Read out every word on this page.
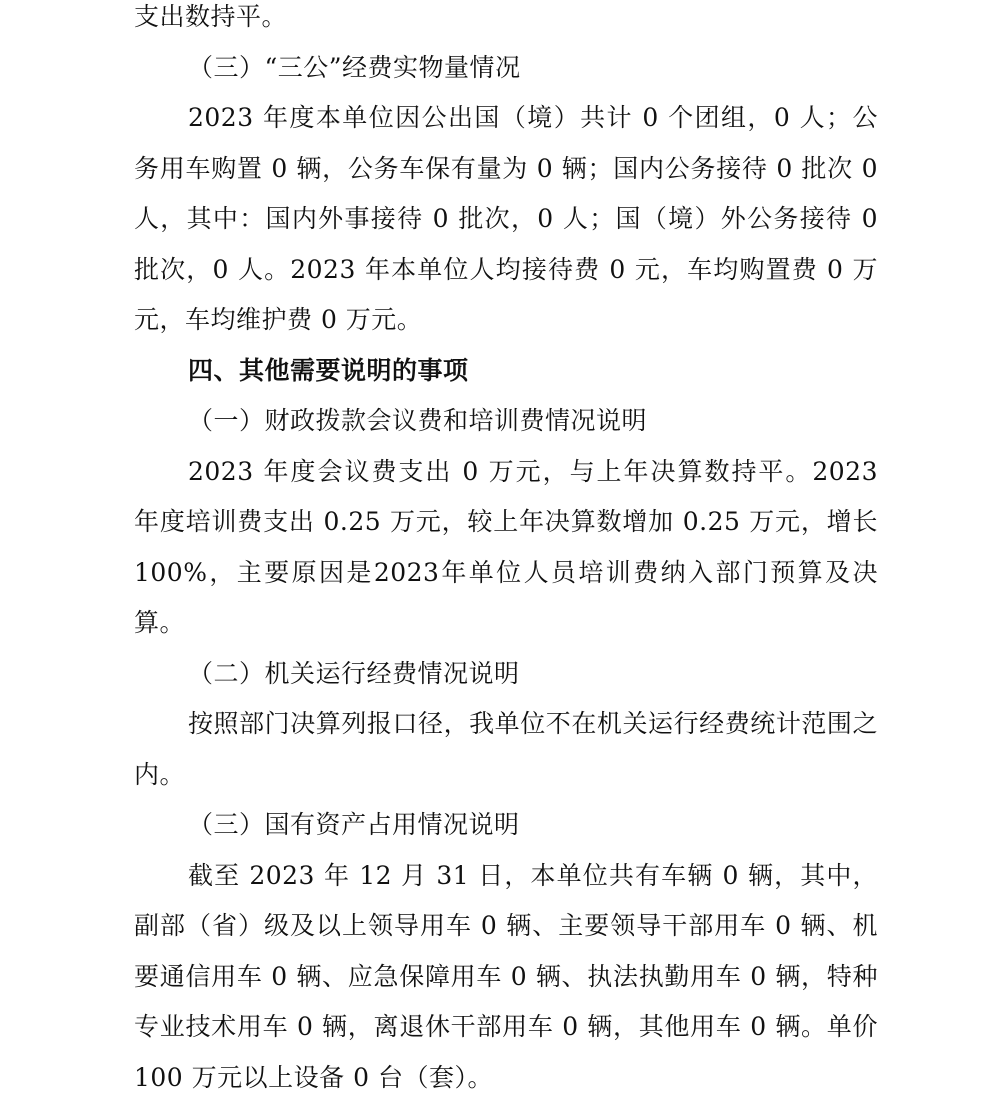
支出数持平。

（三）“三公”经费实物量情况

2023 年度本单位因公出国（境）共计 0 个团组，0 人；公务用车购置 0 辆，公务车保有量为 0 辆；国内公务接待 0 批次 0 人，其中：国内外事接待 0 批次，0 人；国（境）外公务接待 0 批次，0 人。2023 年本单位人均接待费 0 元，车均购置费 0 万元，车均维护费 0 万元。

四、其他需要说明的事项

（一）财政拨款会议费和培训费情况说明

2023 年度会议费支出 0 万元，与上年决算数持平。2023 年度培训费支出 0.25 万元，较上年决算数增加 0.25 万元，增长100%，主要原因是2023年单位人员培训费纳入部门预算及决算。

（二）机关运行经费情况说明

按照部门决算列报口径，我单位不在机关运行经费统计范围之内。

（三）国有资产占用情况说明

截至 2023 年 12 月 31 日，本单位共有车辆 0 辆，其中，副部（省）级及以上领导用车 0 辆、主要领导干部用车 0 辆、机要通信用车 0 辆、应急保障用车 0 辆、执法执勤用车 0 辆，特种专业技术用车 0 辆，离退休干部用车 0 辆，其他用车 0 辆。单价 100 万元以上设备 0 台（套）。
